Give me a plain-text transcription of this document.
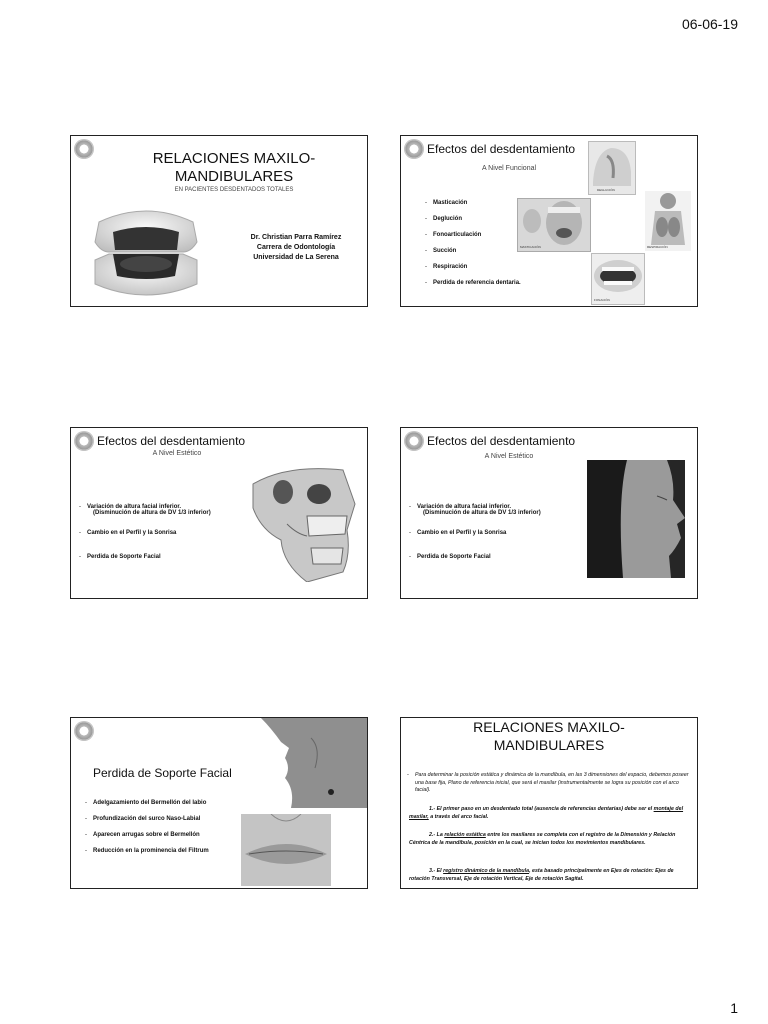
06-06-19
RELACIONES MAXILO-MANDIBULARES
EN PACIENTES DESDENTADOS TOTALES
Dr. Christian Parra Ramírez
Carrera de Odontología
Universidad de La Serena
Efectos del desdentamiento
A Nivel Funcional
- Masticación
- Deglución
- Fonoarticulación
- Succión
- Respiración
- Perdida de referencia dentaria.
DEGLUCIÓN
MASTICACIÓN	RESPIRACIÓN
FONACIÓN
Efectos del desdentamiento
A Nivel Estético
- Variación de altura facial inferior.
(Disminución de altura de DV 1/3 inferior)
- Cambio en el Perfil y la Sonrisa
- Perdida de Soporte Facial
Efectos del desdentamiento
A Nivel Estético
- Variación de altura facial inferior.
(Disminución de altura de DV 1/3 inferior)
- Cambio en el Perfil y la Sonrisa
- Perdida de Soporte Facial
Perdida de Soporte Facial
- Adelgazamiento del Bermellón del labio
- Profundización del surco Naso-Labial
- Aparecen arrugas sobre el Bermellón
- Reducción en la prominencia del Filtrum
RELACIONES MAXILO-MANDIBULARES
- Para determinar la posición estática y dinámica de la mandíbula, en las 3 dimensiones del espacio, debemos poseer una base fija, Plano de referencia inicial, que será el maxilar (instrumentalmente se logra su posición con el arco facial).
1.- El primer paso en un desdentado total (ausencia de referencias dentarias) debe ser el montaje del maxilar, a través del arco facial.
2.- La relación estática entre los maxilares se completa con el registro de la Dimensión y Relación Céntrica de la mandíbula, posición en la cual, se inician todos los movimientos mandibulares.
3.- El registro dinámico de la mandíbula, esta basado principalmente en Ejes de rotación: Ejes de rotación Transversal, Eje de rotación Vertical, Eje de rotación Sagital.
1
